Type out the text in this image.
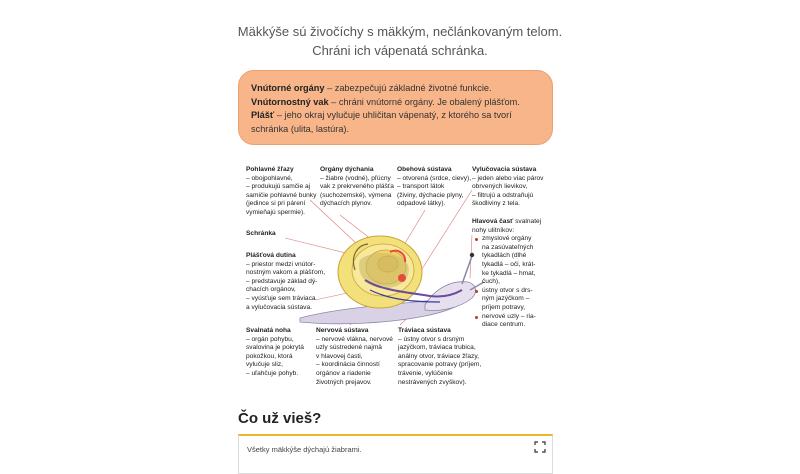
Mäkkýše sú živočíchy s mäkkým, nečlánkovaným telom. Chráni ich vápenatá schránka.
Vnútorné orgány – zabezpečujú základné životné funkcie. Vnútornostný vak – chráni vnútorné orgány. Je obalený plášťom. Plášť – jeho okraj vylučuje uhličitan vápenatý, z ktorého sa tvorí schránka (ulita, lastúra).
Pohlavné žľazy
– obojpohlavné,
– produkujú samčie aj
samičie pohlavné bunky
(jedince si pri párení
vymieňajú spermie).
Orgány dýchania
– žiabre (vodné), pľúcny
vak z prekrveného plášťa
(suchozemské), výmena
dýchacích plynov.
Obehová sústava
– otvorená (srdce, cievy),
– transport látok
(živiny, dýchacie plyny,
odpadové látky).
Vylučovacia sústava
– jeden alebo viac párov
obrvených lievikov,
– filtrujú a odstraňujú
škodliviny z tela.
Hlavová časť svalnatej
nohy ulitníkov:
zmyslové orgány
na zasúvateľných
tykadlách (dlhé
tykadlá – oči, krát-
ke tykadlá – hmat,
čuch),
ústny otvor s drs-
ným jazýčkom –
príjem potravy,
nervové uzly – ria-
diace centrum.
Schránka
Plášťová dutina
– priestor medzi vnútor-
nostným vakom a plášťom,
– predstavuje základ dý-
chacích orgánov,
– vyúsťuje sem tráviaca
a vylučovacia sústava.
Svalnatá noha
– orgán pohybu,
svalovina je pokrytá
pokožkou, ktorá
vylučuje sliz,
– uľahčuje pohyb.
Nervová sústava
– nervové vlákna, nervové
uzly sústredené najmä
v hlavovej časti,
– koordinácia činností
orgánov a riadenie
životných prejavov.
Tráviaca sústava
– ústny otvor s drsným
jazýčkom, tráviaca trubica,
análny otvor, tráviace žľazy,
spracovanie potravy (príjem,
trávenie, vylúčenie
nestrávených zvyškov).
Čo už vieš?
Všetky mäkkýše dýchajú žiabrami.
